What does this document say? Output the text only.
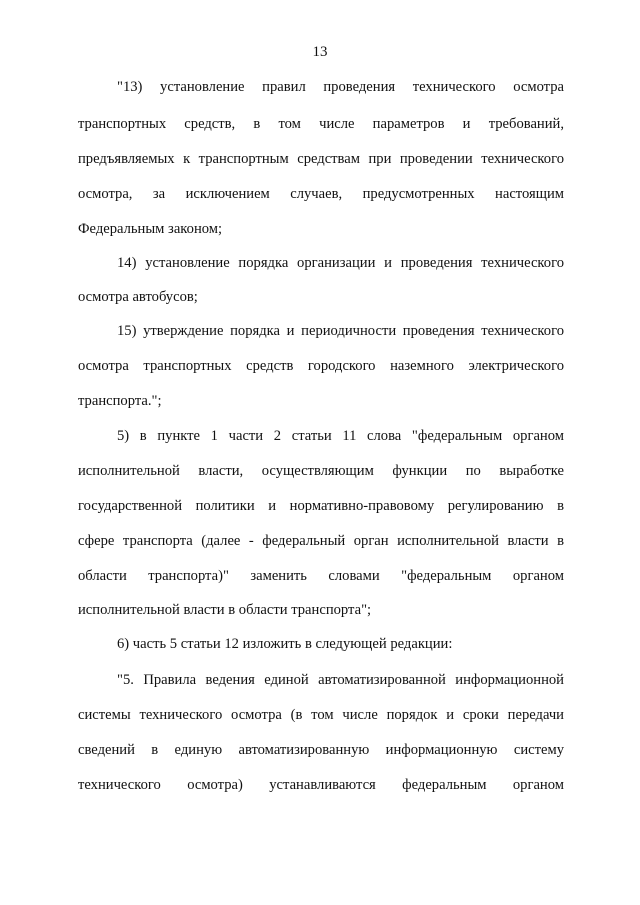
13
"13) установление правил проведения технического осмотра
транспортных средств, в том числе параметров и требований,
предъявляемых к транспортным средствам при проведении технического
осмотра, за исключением случаев, предусмотренных настоящим
Федеральным законом;
14) установление порядка организации и проведения технического
осмотра автобусов;
15) утверждение порядка и периодичности проведения технического
осмотра транспортных средств городского наземного электрического
транспорта.";
5) в пункте 1 части 2 статьи 11 слова "федеральным органом
исполнительной власти, осуществляющим функции по выработке
государственной политики и нормативно-правовому регулированию в
сфере транспорта (далее - федеральный орган исполнительной власти в
области транспорта)" заменить словами "федеральным органом
исполнительной власти в области транспорта";
6) часть 5 статьи 12 изложить в следующей редакции:
"5. Правила ведения единой автоматизированной информационной
системы технического осмотра (в том числе порядок и сроки передачи
сведений в единую автоматизированную информационную систему
технического осмотра) устанавливаются федеральным органом
